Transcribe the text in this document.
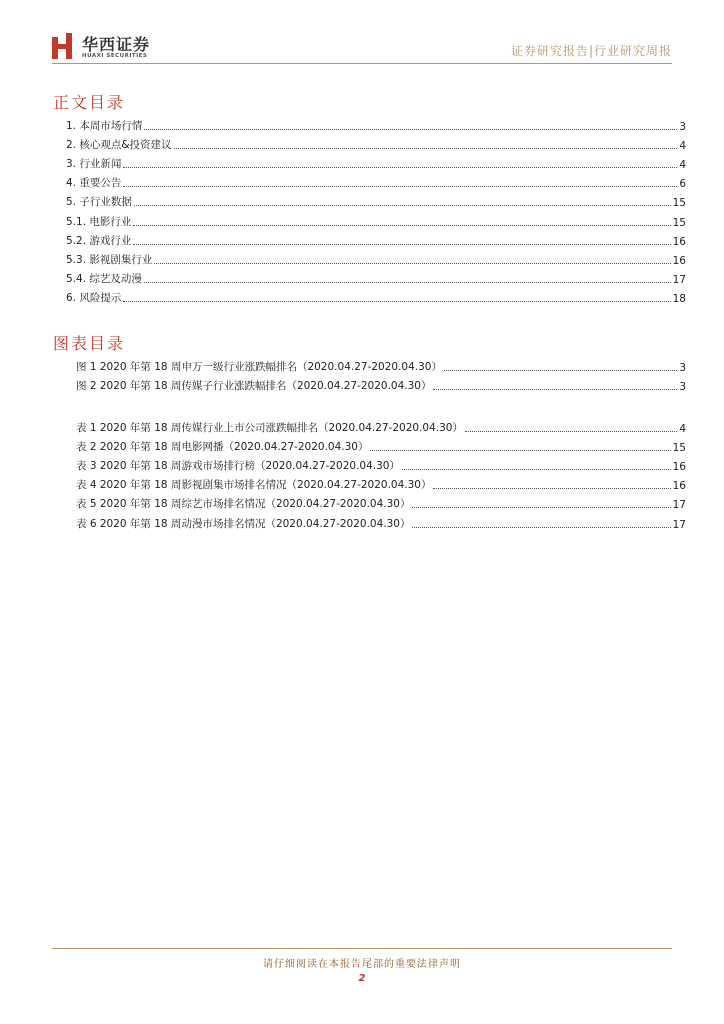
华西证券
HUAXI SECURITIES	证券研究报告|行业研究周报
正文目录
1. 本周市场行情	3
2. 核心观点&投资建议	4
3. 行业新闻	4
4. 重要公告	6
5. 子行业数据	15
5.1. 电影行业	15
5.2. 游戏行业	16
5.3. 影视剧集行业	16
5.4. 综艺及动漫	17
6. 风险提示	18
图表目录
图 1 2020 年第 18 周申万一级行业涨跌幅排名（2020.04.27-2020.04.30）	3
图 2 2020 年第 18 周传媒子行业涨跌幅排名（2020.04.27-2020.04.30）	3
表 1 2020 年第 18 周传媒行业上市公司涨跌幅排名（2020.04.27-2020.04.30）	4
表 2 2020 年第 18 周电影网播（2020.04.27-2020.04.30）	15
表 3 2020 年第 18 周游戏市场排行榜（2020.04.27-2020.04.30）	16
表 4 2020 年第 18 周影视剧集市场排名情况（2020.04.27-2020.04.30）	16
表 5 2020 年第 18 周综艺市场排名情况（2020.04.27-2020.04.30）	17
表 6 2020 年第 18 周动漫市场排名情况（2020.04.27-2020.04.30）	17
请仔细阅读在本报告尾部的重要法律声明
2
